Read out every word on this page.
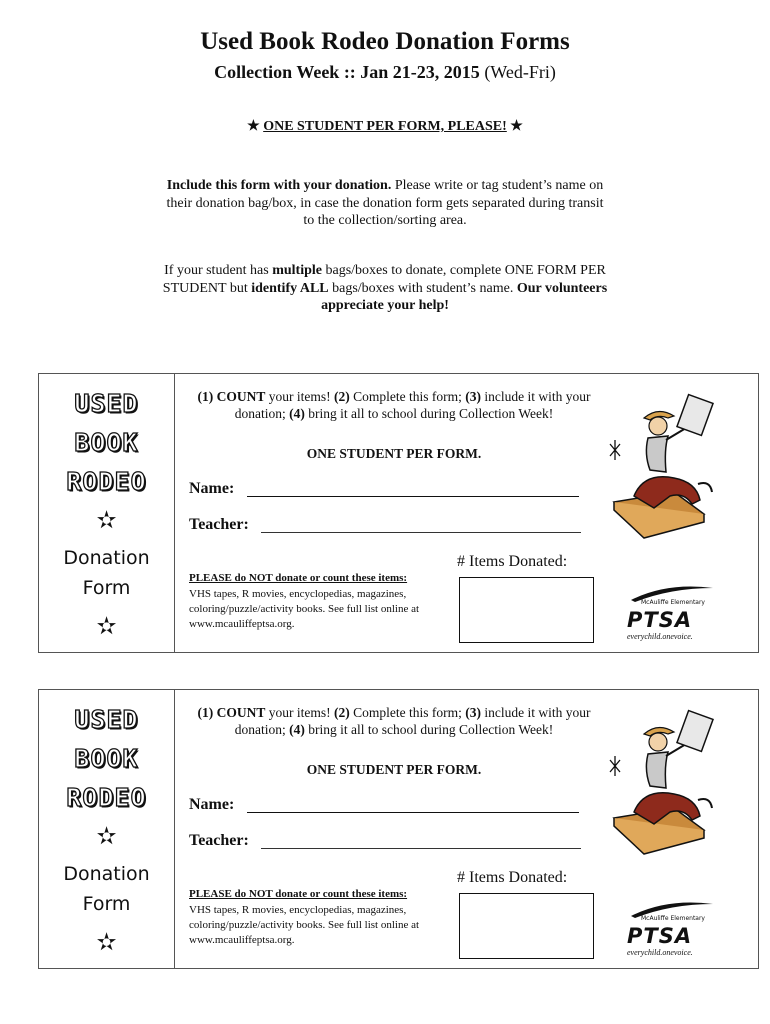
Used Book Rodeo Donation Forms
Collection Week :: Jan 21-23, 2015 (Wed-Fri)
★ ONE STUDENT PER FORM, PLEASE! ★
Include this form with your donation. Please write or tag student’s name on their donation bag/box, in case the donation form gets separated during transit to the collection/sorting area.
If your student has multiple bags/boxes to donate, complete ONE FORM PER STUDENT but identify ALL bags/boxes with student’s name. Our volunteers appreciate your help!
USED
BOOK
RODEO
✫
Donation
Form
✫
(1) COUNT your items! (2) Complete this form; (3) include it with your donation; (4) bring it all to school during Collection Week!
ONE STUDENT PER FORM.
Name:
Teacher:
# Items Donated:
PLEASE do NOT donate or count these items:
VHS tapes, R movies, encyclopedias, magazines, coloring/puzzle/activity books. See full list online at www.mcauliffeptsa.org.
McAuliffe Elementary
PTSA
everychild.onevoice.
USED
BOOK
RODEO
✫
Donation
Form
✫
(1) COUNT your items! (2) Complete this form; (3) include it with your donation; (4) bring it all to school during Collection Week!
ONE STUDENT PER FORM.
Name:
Teacher:
# Items Donated:
PLEASE do NOT donate or count these items:
VHS tapes, R movies, encyclopedias, magazines, coloring/puzzle/activity books. See full list online at www.mcauliffeptsa.org.
McAuliffe Elementary
PTSA
everychild.onevoice.
